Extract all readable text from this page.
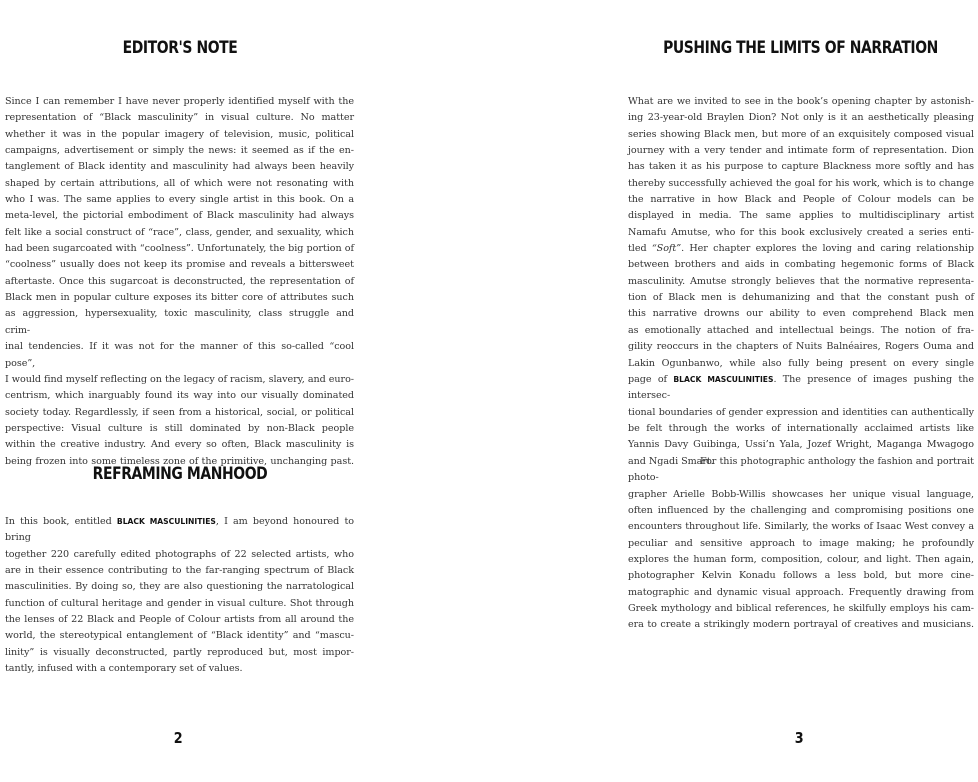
EDITOR'S NOTE
Since I can remember I have never properly identified myself with the
representation of “Black masculinity” in visual culture. No matter
whether it was in the popular imagery of television, music, political
campaigns, advertisement or simply the news: it seemed as if the en-
tanglement of Black identity and masculinity had always been heavily
shaped by certain attributions, all of which were not resonating with
who I was. The same applies to every single artist in this book. On a
meta-level, the pictorial embodiment of Black masculinity had always
felt like a social construct of “race”, class, gender, and sexuality, which
had been sugarcoated with “coolness”. Unfortunately, the big portion of
“coolness” usually does not keep its promise and reveals a bittersweet
aftertaste. Once this sugarcoat is deconstructed, the representation of
Black men in popular culture exposes its bitter core of attributes such
as aggression, hypersexuality, toxic masculinity, class struggle and crim-
inal tendencies. If it was not for the manner of this so-called “cool pose”,
I would find myself reflecting on the legacy of racism, slavery, and euro-
centrism, which inarguably found its way into our visually dominated
society today. Regardlessly, if seen from a historical, social, or political
perspective: Visual culture is still dominated by non-Black people
within the creative industry. And every so often, Black masculinity is
being frozen into some timeless zone of the primitive, unchanging past.
REFRAMING MANHOOD
In this book, entitled BLACK MASCULINITIES, I am beyond honoured to bring
together 220 carefully edited photographs of 22 selected artists, who
are in their essence contributing to the far-ranging spectrum of Black
masculinities. By doing so, they are also questioning the narratological
function of cultural heritage and gender in visual culture. Shot through
the lenses of 22 Black and People of Colour artists from all around the
world, the stereotypical entanglement of “Black identity” and “mascu-
linity” is visually deconstructed, partly reproduced but, most impor-
tantly, infused with a contemporary set of values.

2

PUSHING THE LIMITS OF NARRATION
What are we invited to see in the book’s opening chapter by astonish-
ing 23-year-old Braylen Dion? Not only is it an aesthetically pleasing
series showing Black men, but more of an exquisitely composed visual
journey with a very tender and intimate form of representation. Dion
has taken it as his purpose to capture Blackness more softly and has
thereby successfully achieved the goal for his work, which is to change
the narrative in how Black and People of Colour models can be
displayed in media. The same applies to multidisciplinary artist
Namafu Amutse, who for this book exclusively created a series enti-
tled “Soft”. Her chapter explores the loving and caring relationship
between brothers and aids in combating hegemonic forms of Black
masculinity. Amutse strongly believes that the normative representa-
tion of Black men is dehumanizing and that the constant push of
this narrative drowns our ability to even comprehend Black men
as emotionally attached and intellectual beings. The notion of fra-
gility reoccurs in the chapters of Nuits Balnéaires, Rogers Ouma and
Lakin Ogunbanwo, while also fully being present on every single
page of BLACK MASCULINITIES. The presence of images pushing the intersec-
tional boundaries of gender expression and identities can authentically
be felt through the works of internationally acclaimed artists like
Yannis Davy Guibinga, Ussi’n Yala, Jozef Wright, Maganga Mwagogo
and Ngadi Smart.
For this photographic anthology the fashion and portrait photo-
grapher Arielle Bobb-Willis showcases her unique visual language,
often influenced by the challenging and compromising positions one
encounters throughout life. Similarly, the works of Isaac West convey a
peculiar and sensitive approach to image making; he profoundly
explores the human form, composition, colour, and light. Then again,
photographer Kelvin Konadu follows a less bold, but more cine-
matographic and dynamic visual approach. Frequently drawing from
Greek mythology and biblical references, he skilfully employs his cam-
era to create a strikingly modern portrayal of creatives and musicians.

3
